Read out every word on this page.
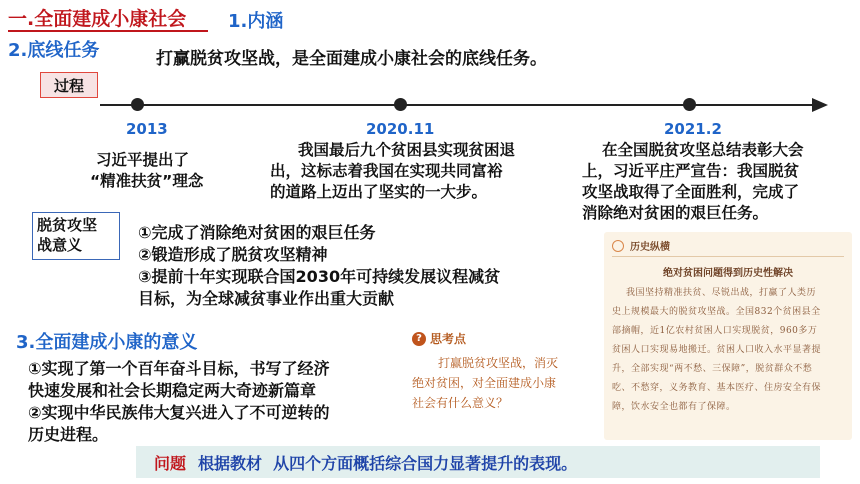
一.全面建成小康社会 1.内涵
2.底线任务	打赢脱贫攻坚战，是全面建成小康社会的底线任务。
过程
2013	2020.11	2021.2
习近平提出了
“精准扶贫”理念
我国最后九个贫困县实现贫困退
出，这标志着我国在实现共同富裕
的道路上迈出了坚实的一大步。
在全国脱贫攻坚总结表彰大会
上，习近平庄严宣告：我国脱贫
攻坚战取得了全面胜利，完成了
消除绝对贫困的艰巨任务。
脱贫攻坚
战意义
①完成了消除绝对贫困的艰巨任务
②锻造形成了脱贫攻坚精神
③提前十年实现联合国2030年可持续发展议程减贫
目标，为全球减贫事业作出重大贡献
3.全面建成小康的意义
①实现了第一个百年奋斗目标，书写了经济
快速发展和社会长期稳定两大奇迹新篇章
②实现中华民族伟大复兴进入了不可逆转的
历史进程。
? 思考点
打赢脱贫攻坚战，消灭
绝对贫困，对全面建成小康
社会有什么意义？
历史纵横
绝对贫困问题得到历史性解决
我国坚持精准扶贫、尽锐出战，打赢了人类历
史上规模最大的脱贫攻坚战。全国832个贫困县全
部摘帽，近1亿农村贫困人口实现脱贫，960多万
贫困人口实现易地搬迁。贫困人口收入水平显著提
升，全部实现“两不愁、三保障”，脱贫群众不愁
吃、不愁穿，义务教育、基本医疗、住房安全有保
障，饮水安全也都有了保障。
问题 根据教材  从四个方面概括综合国力显著提升的表现。
